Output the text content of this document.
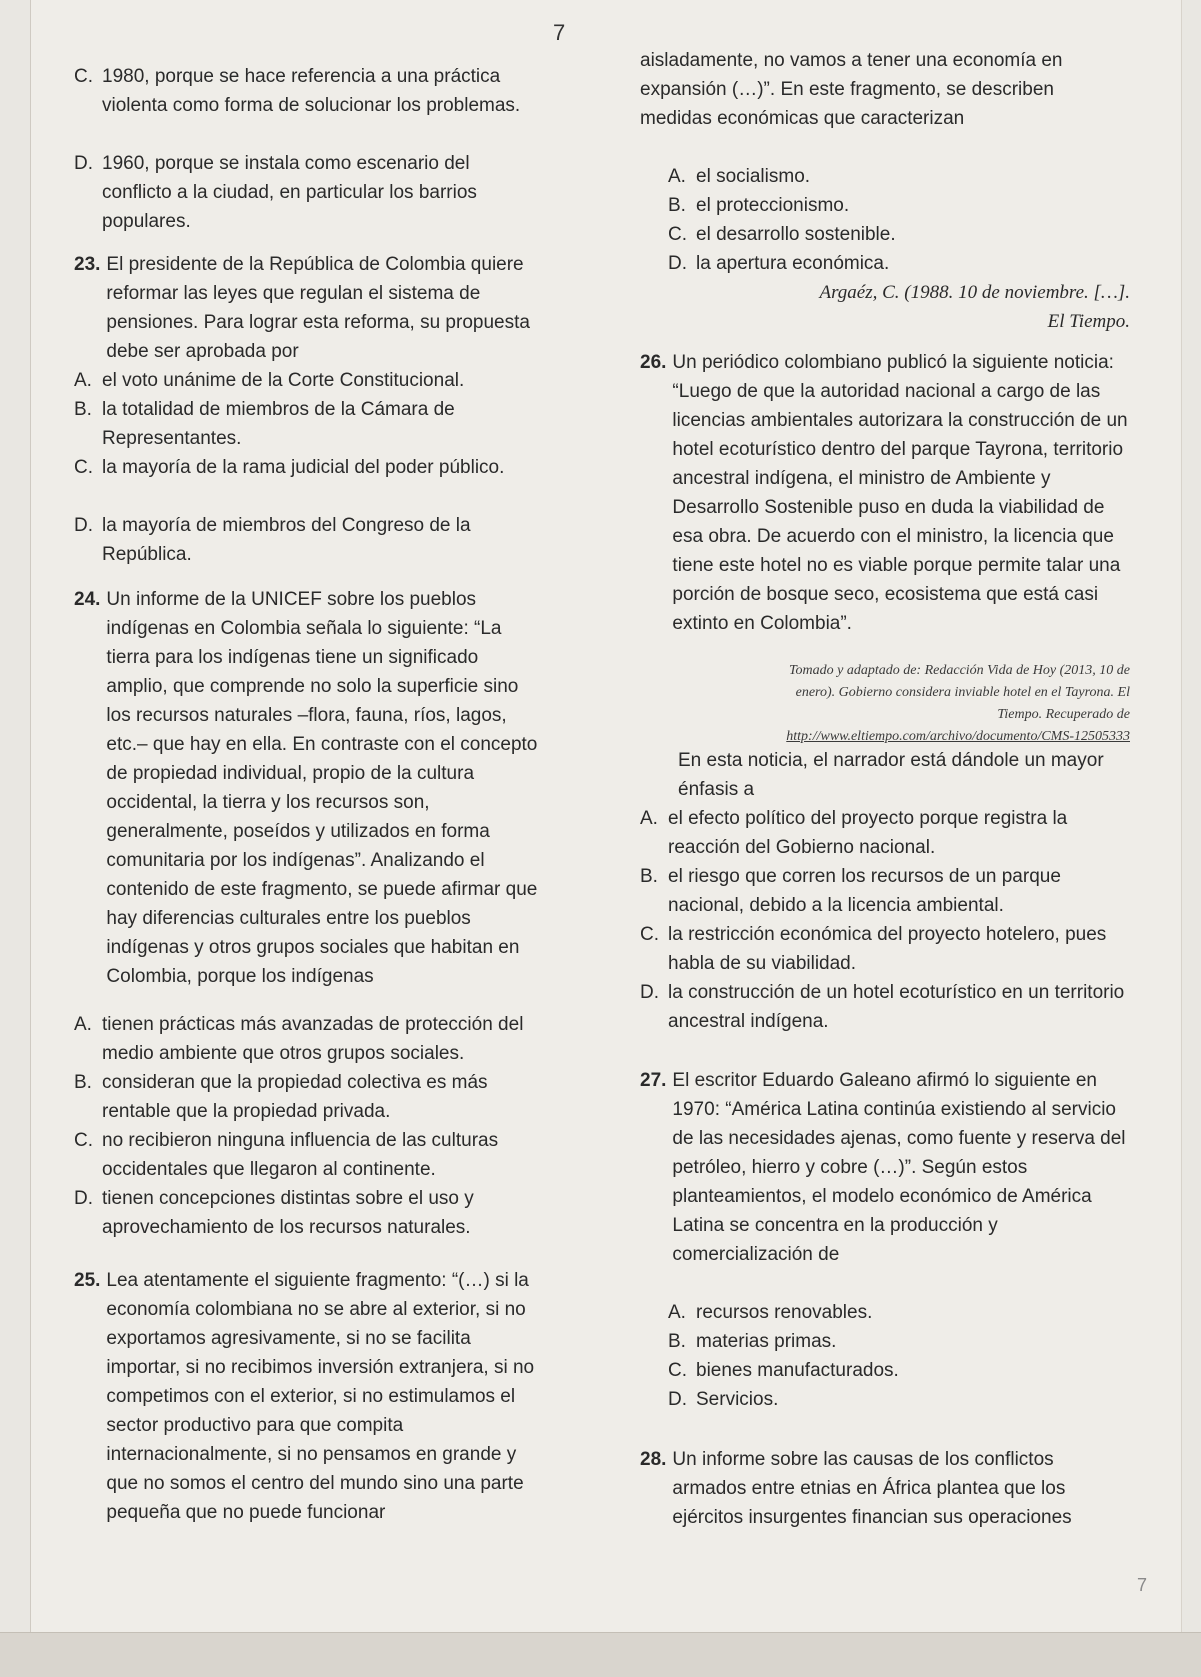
7
C. 1980, porque se hace referencia a una práctica violenta como forma de solucionar los problemas.
D. 1960, porque se instala como escenario del conflicto a la ciudad, en particular los barrios populares.
23. El presidente de la República de Colombia quiere reformar las leyes que regulan el sistema de pensiones. Para lograr esta reforma, su propuesta debe ser aprobada por
A. el voto unánime de la Corte Constitucional.
B. la totalidad de miembros de la Cámara de Representantes.
C. la mayoría de la rama judicial del poder público.
D. la mayoría de miembros del Congreso de la República.
24. Un informe de la UNICEF sobre los pueblos indígenas en Colombia señala lo siguiente: “La tierra para los indígenas tiene un significado amplio, que comprende no solo la superficie sino los recursos naturales –flora, fauna, ríos, lagos, etc.– que hay en ella. En contraste con el concepto de propiedad individual, propio de la cultura occidental, la tierra y los recursos son, generalmente, poseídos y utilizados en forma comunitaria por los indígenas”. Analizando el contenido de este fragmento, se puede afirmar que hay diferencias culturales entre los pueblos indígenas y otros grupos sociales que habitan en Colombia, porque los indígenas
A. tienen prácticas más avanzadas de protección del medio ambiente que otros grupos sociales.
B. consideran que la propiedad colectiva es más rentable que la propiedad privada.
C. no recibieron ninguna influencia de las culturas occidentales que llegaron al continente.
D. tienen concepciones distintas sobre el uso y aprovechamiento de los recursos naturales.
25. Lea atentamente el siguiente fragmento: “(…) si la economía colombiana no se abre al exterior, si no exportamos agresivamente, si no se facilita importar, si no recibimos inversión extranjera, si no competimos con el exterior, si no estimulamos el sector productivo para que compita internacionalmente, si no pensamos en grande y que no somos el centro del mundo sino una parte pequeña que no puede funcionar
aisladamente, no vamos a tener una economía en expansión (…)”. En este fragmento, se describen medidas económicas que caracterizan
A. el socialismo.
B. el proteccionismo.
C. el desarrollo sostenible.
D. la apertura económica.
Argaéz, C. (1988. 10 de noviembre. […].
El Tiempo.
26. Un periódico colombiano publicó la siguiente noticia: “Luego de que la autoridad nacional a cargo de las licencias ambientales autorizara la construcción de un hotel ecoturístico dentro del parque Tayrona, territorio ancestral indígena, el ministro de Ambiente y Desarrollo Sostenible puso en duda la viabilidad de esa obra. De acuerdo con el ministro, la licencia que tiene este hotel no es viable porque permite talar una porción de bosque seco, ecosistema que está casi extinto en Colombia”.
Tomado y adaptado de: Redacción Vida de Hoy (2013, 10 de
enero). Gobierno considera inviable hotel en el Tayrona. El
Tiempo. Recuperado de
http://www.eltiempo.com/archivo/documento/CMS-12505333
En esta noticia, el narrador está dándole un mayor énfasis a
A. el efecto político del proyecto porque registra la reacción del Gobierno nacional.
B. el riesgo que corren los recursos de un parque nacional, debido a la licencia ambiental.
C. la restricción económica del proyecto hotelero, pues habla de su viabilidad.
D. la construcción de un hotel ecoturístico en un territorio ancestral indígena.
27. El escritor Eduardo Galeano afirmó lo siguiente en 1970: “América Latina continúa existiendo al servicio de las necesidades ajenas, como fuente y reserva del petróleo, hierro y cobre (…)”. Según estos planteamientos, el modelo económico de América Latina se concentra en la producción y comercialización de
A. recursos renovables.
B. materias primas.
C. bienes manufacturados.
D. Servicios.
28. Un informe sobre las causas de los conflictos armados entre etnias en África plantea que los ejércitos insurgentes financian sus operaciones
7
